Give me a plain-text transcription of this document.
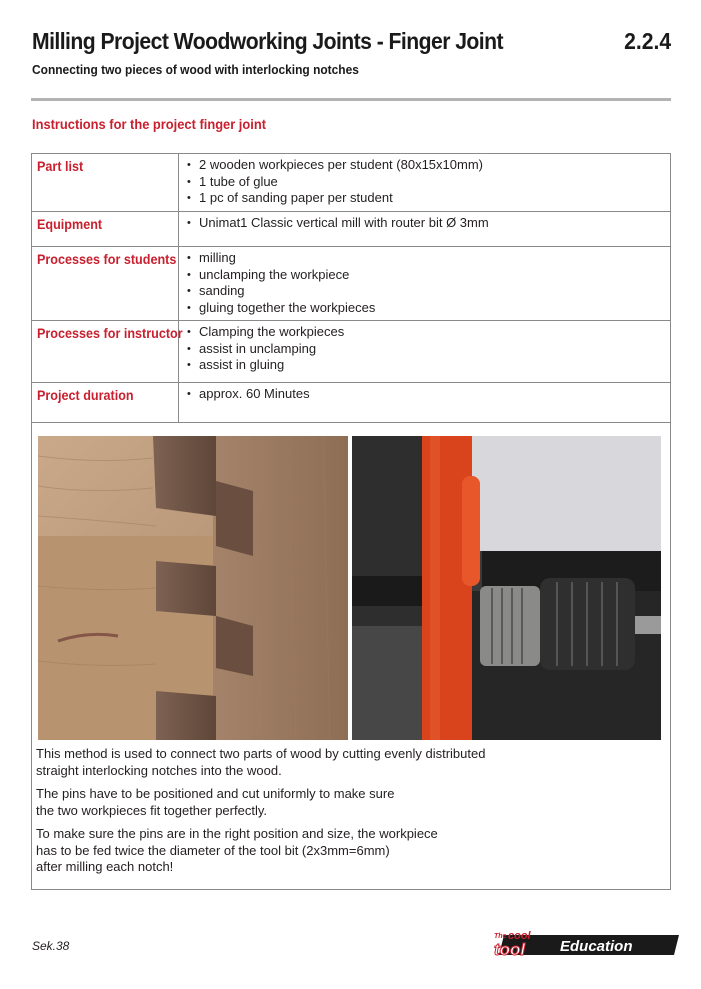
Milling Project Woodworking Joints - Finger Joint	2.2.4
Connecting two pieces of wood with interlocking notches
Instructions for the project finger joint
Part list	• 2 wooden workpieces per student (80x15x10mm)
• 1 tube of glue
• 1 pc of sanding paper per student
Equipment	• Unimat1 Classic vertical mill with router bit Ø 3mm
Processes for students	• milling
• unclamping the workpiece
• sanding
• gluing together the workpieces
Processes for instructor	• Clamping the workpieces
• assist in unclamping
• assist in gluing
Project duration	• approx. 60 Minutes

This method is used to connect two parts of wood by cutting evenly distributed
straight interlocking notches into the wood.

The pins have to be positioned and cut uniformly to make sure
the two workpieces fit together perfectly.

To make sure the pins are in the right position and size, the workpiece
has to be fed twice the diameter of the tool bit (2x3mm=6mm)
after milling each notch!

Sek.38
The cool
tool Education
